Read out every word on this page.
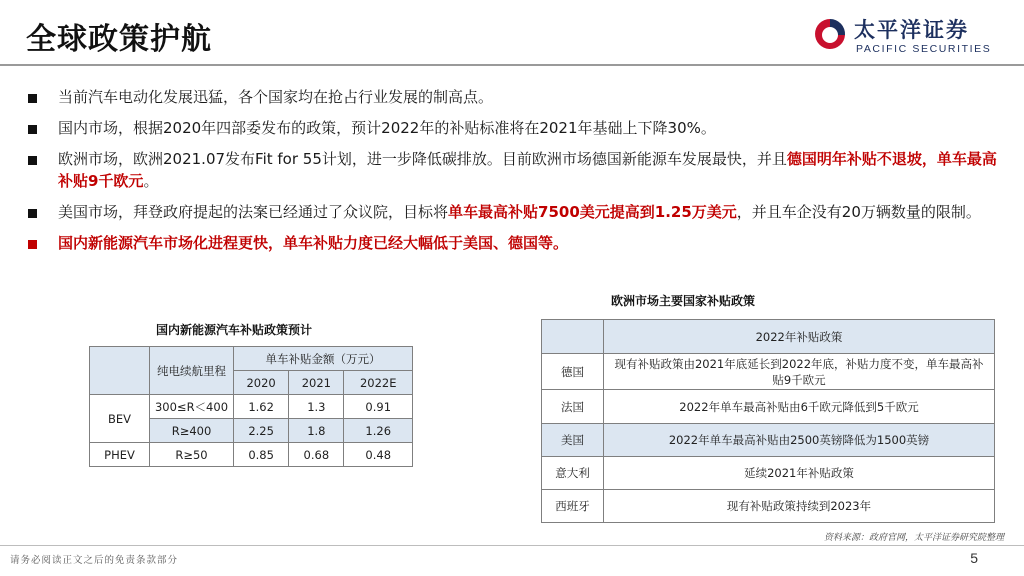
全球政策护航	太平洋证券
PACIFIC SECURITIES
当前汽车电动化发展迅猛，各个国家均在抢占行业发展的制高点。
国内市场，根据2020年四部委发布的政策，预计2022年的补贴标准将在2021年基础上下降30%。
欧洲市场，欧洲2021.07发布Fit for 55计划，进一步降低碳排放。目前欧洲市场德国新能源车发展最快，并且德国明年补贴不退坡，单车最高补贴9千欧元。
美国市场，拜登政府提起的法案已经通过了众议院，目标将单车最高补贴7500美元提高到1.25万美元，并且车企没有20万辆数量的限制。
国内新能源汽车市场化进程更快，单车补贴力度已经大幅低于美国、德国等。
国内新能源汽车补贴政策预计
	纯电续航里程	单车补贴金额（万元）		
		2020	2021	2022E
BEV	300≤R＜400	1.62	1.3	0.91
	R≥400	2.25	1.8	1.26
PHEV	R≥50	0.85	0.68	0.48
欧洲市场主要国家补贴政策
	2022年补贴政策
德国	现有补贴政策由2021年底延长到2022年底，补贴力度不变，单车最高补贴9千欧元
法国	2022年单车最高补贴由6千欧元降低到5千欧元
美国	2022年单车最高补贴由2500英镑降低为1500英镑
意大利	延续2021年补贴政策
西班牙	现有补贴政策持续到2023年
资料来源：政府官网，太平洋证券研究院整理
请务必阅读正文之后的免责条款部分	5
